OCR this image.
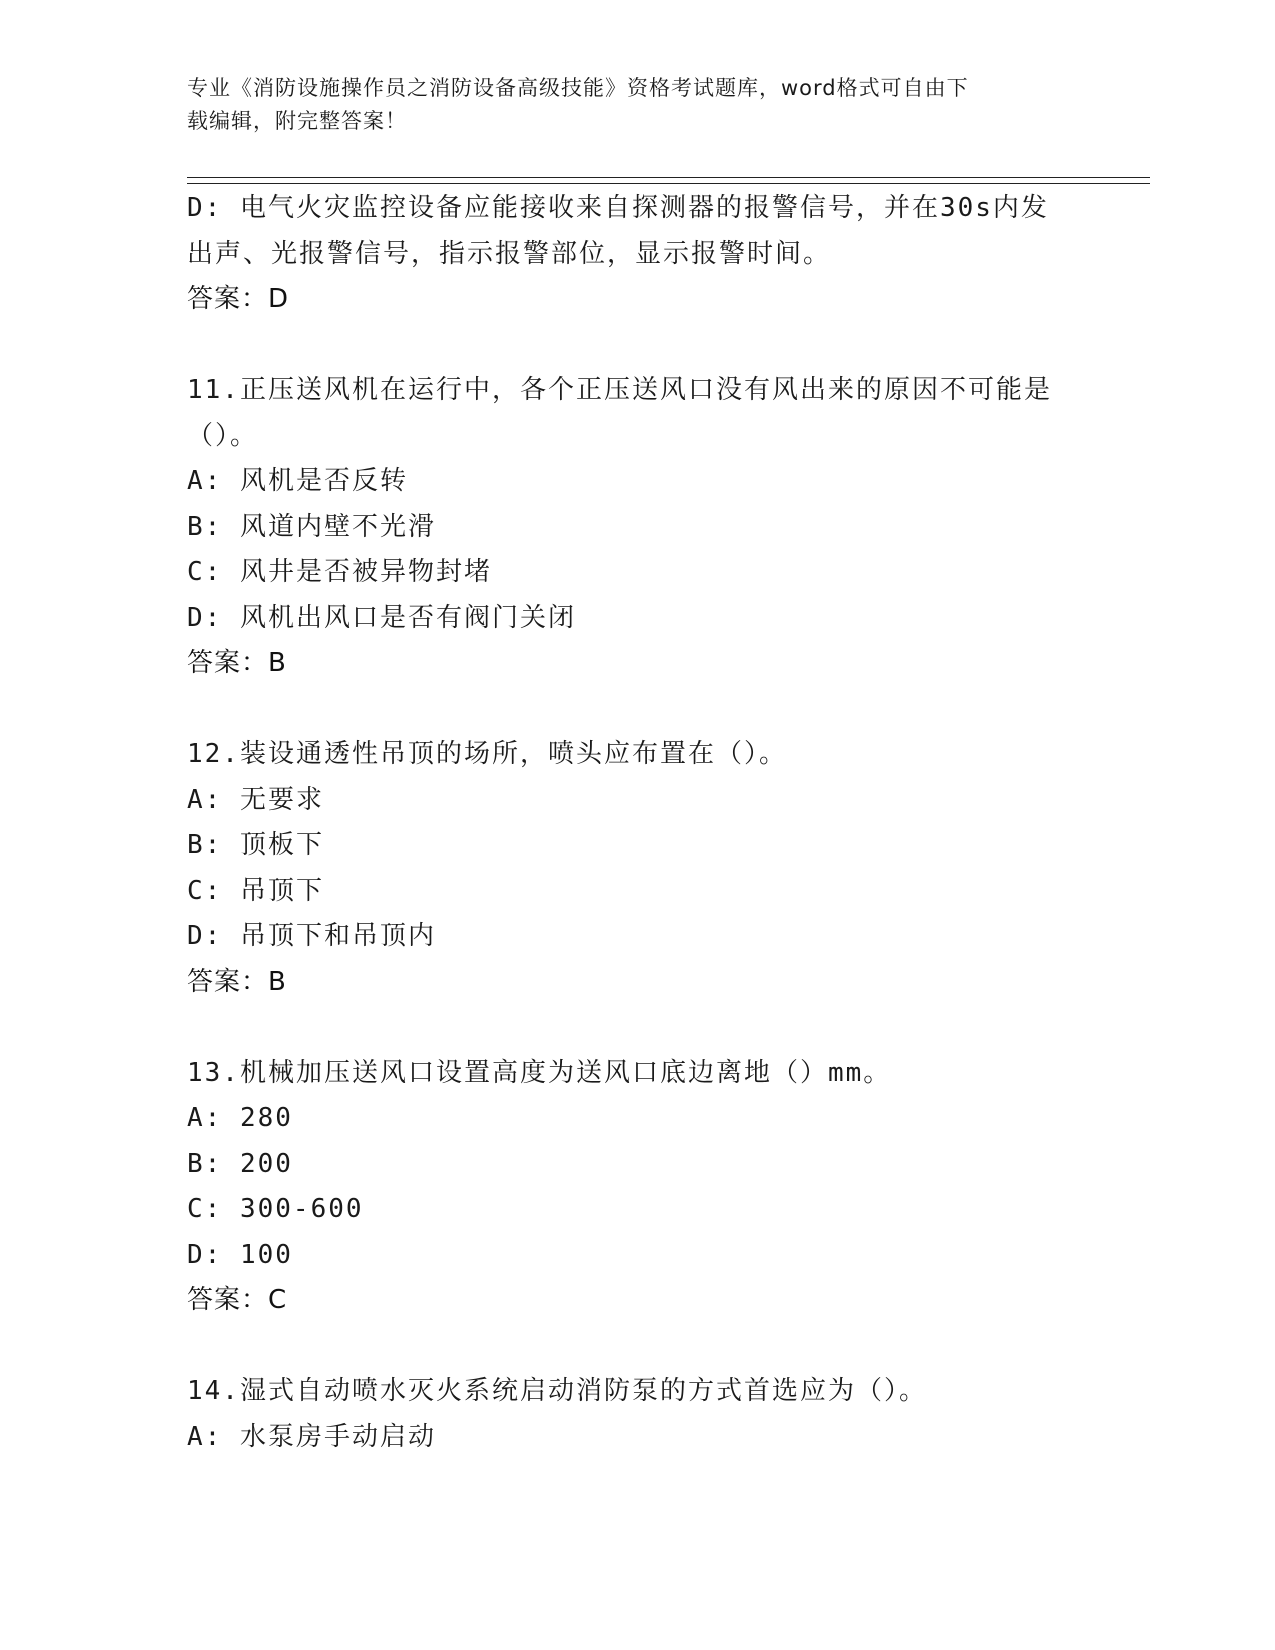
专业《消防设施操作员之消防设备高级技能》资格考试题库，word格式可自由下
载编辑，附完整答案！
D: 电气火灾监控设备应能接收来自探测器的报警信号，并在30s内发
出声、光报警信号，指示报警部位，显示报警时间。
答案：D
11.正压送风机在运行中，各个正压送风口没有风出来的原因不可能是
（）。
A: 风机是否反转
B: 风道内壁不光滑
C: 风井是否被异物封堵
D: 风机出风口是否有阀门关闭
答案：B
12.装设通透性吊顶的场所，喷头应布置在（）。
A: 无要求
B: 顶板下
C: 吊顶下
D: 吊顶下和吊顶内
答案：B
13.机械加压送风口设置高度为送风口底边离地（）mm。
A: 280
B: 200
C: 300-600
D: 100
答案：C
14.湿式自动喷水灭火系统启动消防泵的方式首选应为（）。
A: 水泵房手动启动
